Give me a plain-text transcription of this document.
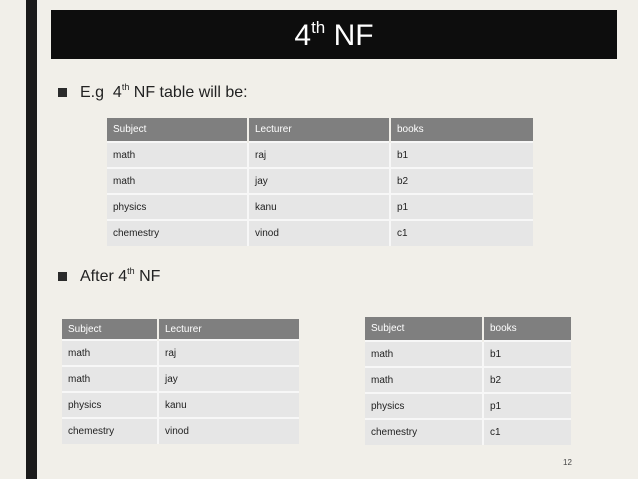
4th NF
E.g  4th NF table will be:
Subject	Lecturer	books
math	raj	b1
math	jay	b2
physics	kanu	p1
chemestry	vinod	c1
After 4th NF
Subject	Lecturer
math	raj
math	jay
physics	kanu
chemestry	vinod
Subject	books
math	b1
math	b2
physics	p1
chemestry	c1
12
